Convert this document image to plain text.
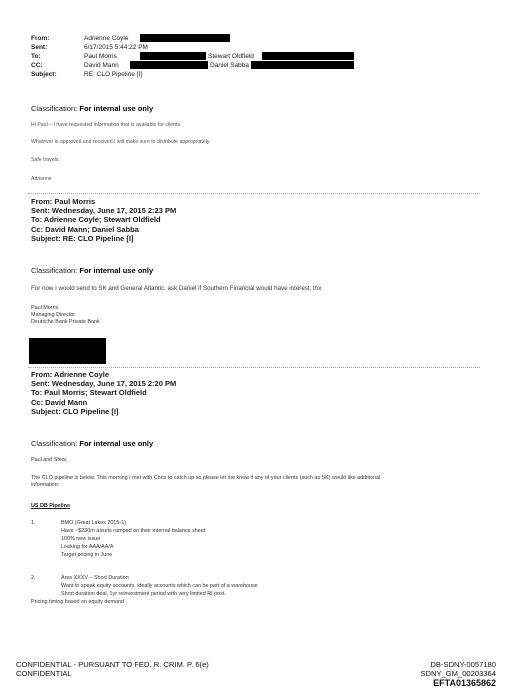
From:	Adrienne Coyle
Sent:	6/17/2015 5:44:22 PM
To:	Paul Morris	Stewart Oldfield
CC:	David Mann	Daniel Sabba
Subject:	RE: CLO Pipeline [I]
Classification: For internal use only
Hi Paul – I have requested information that is available for clients.
Whatever is approved and received I will make sure to distribute appropriately.
Safe travels,
Adrienne
From: Paul Morris
Sent: Wednesday, June 17, 2015 2:23 PM
To: Adrienne Coyle; Stewart Oldfield
Cc: David Mann; Daniel Sabba
Subject: RE: CLO Pipeline [I]
Classification: For internal use only
For now I would send to SK and General Atlantic, ask Daniel if Southern Financial would have interest, thx
Paul Morris
Managing Director
Deutsche Bank Private Bank
From: Adrienne Coyle
Sent: Wednesday, June 17, 2015 2:20 PM
To: Paul Morris; Stewart Oldfield
Cc: David Mann
Subject: CLO Pipeline [I]
Classification: For internal use only
Paul and Stew,
The CLO pipeline is below. This morning I met with Chris to catch up so please let me know if any of your clients (such as SK) would like additional
information:
US DB Pipeline
1.	BMO (Great Lakes 2015-1)
Have ~$230m assets ramped on their internal balance sheet
100% new issue
Looking for AAA/AA/A
Target pricing in June
2.	Ares XXXV – Short Duration
Want to speak equity accounts, ideally accounts which can be part of a warehouse
Short duration deal, 1yr reinvestment period with very limited RI post.
Pricing timing based on equity demand
CONFIDENTIAL - PURSUANT TO FED. R. CRIM. P. 6(e)
CONFIDENTIAL
DB-SDNY-0057180
SDNY_GM_00203364
EFTA01365862
